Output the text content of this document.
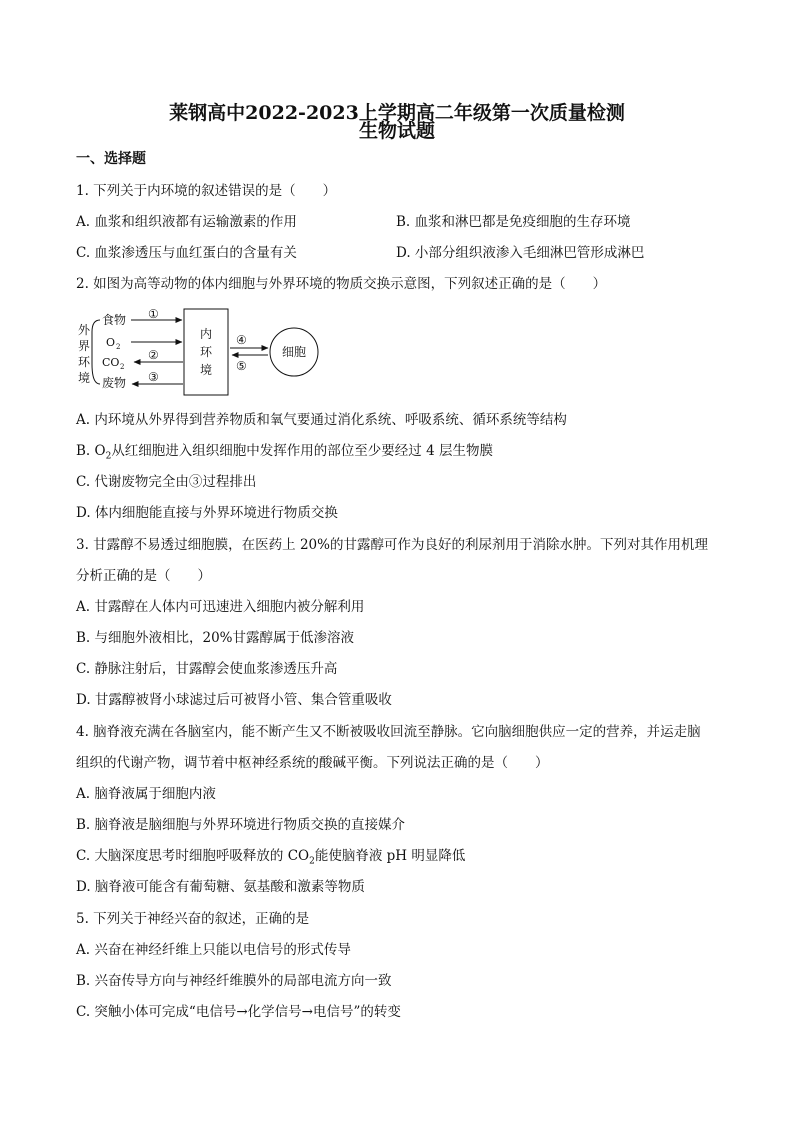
莱钢高中2022-2023上学期高二年级第一次质量检测
生物试题
一、选择题
1. 下列关于内环境的叙述错误的是（　　）
A. 血浆和组织液都有运输激素的作用	B. 血浆和淋巴都是免疫细胞的生存环境
C. 血浆渗透压与血红蛋白的含量有关	D. 小部分组织液渗入毛细淋巴管形成淋巴
2. 如图为高等动物的体内细胞与外界环境的物质交换示意图，下列叙述正确的是（　　）
外
界
环
境
食物
O 2
CO 2
废物
①
②
③
内
环
境
④
⑤
细胞
A. 内环境从外界得到营养物质和氧气要通过消化系统、呼吸系统、循环系统等结构
B. $O_2$从红细胞进入组织细胞中发挥作用的部位至少要经过 4 层生物膜
C. 代谢废物完全由③过程排出
D. 体内细胞能直接与外界环境进行物质交换
3. 甘露醇不易透过细胞膜，在医药上 20%的甘露醇可作为良好的利尿剂用于消除水肿。下列对其作用机理
分析正确的是（　　）
A. 甘露醇在人体内可迅速进入细胞内被分解利用
B. 与细胞外液相比，20%甘露醇属于低渗溶液
C. 静脉注射后，甘露醇会使血浆渗透压升高
D. 甘露醇被肾小球滤过后可被肾小管、集合管重吸收
4. 脑脊液充满在各脑室内，能不断产生又不断被吸收回流至静脉。它向脑细胞供应一定的营养，并运走脑
组织的代谢产物，调节着中枢神经系统的酸碱平衡。下列说法正确的是（　　）
A. 脑脊液属于细胞内液
B. 脑脊液是脑细胞与外界环境进行物质交换的直接媒介
C. 大脑深度思考时细胞呼吸释放的 $CO_2$能使脑脊液 pH 明显降低
D. 脑脊液可能含有葡萄糖、氨基酸和激素等物质
5. 下列关于神经兴奋的叙述，正确的是
A. 兴奋在神经纤维上只能以电信号的形式传导
B. 兴奋传导方向与神经纤维膜外的局部电流方向一致
C. 突触小体可完成“电信号→化学信号→电信号”的转变
